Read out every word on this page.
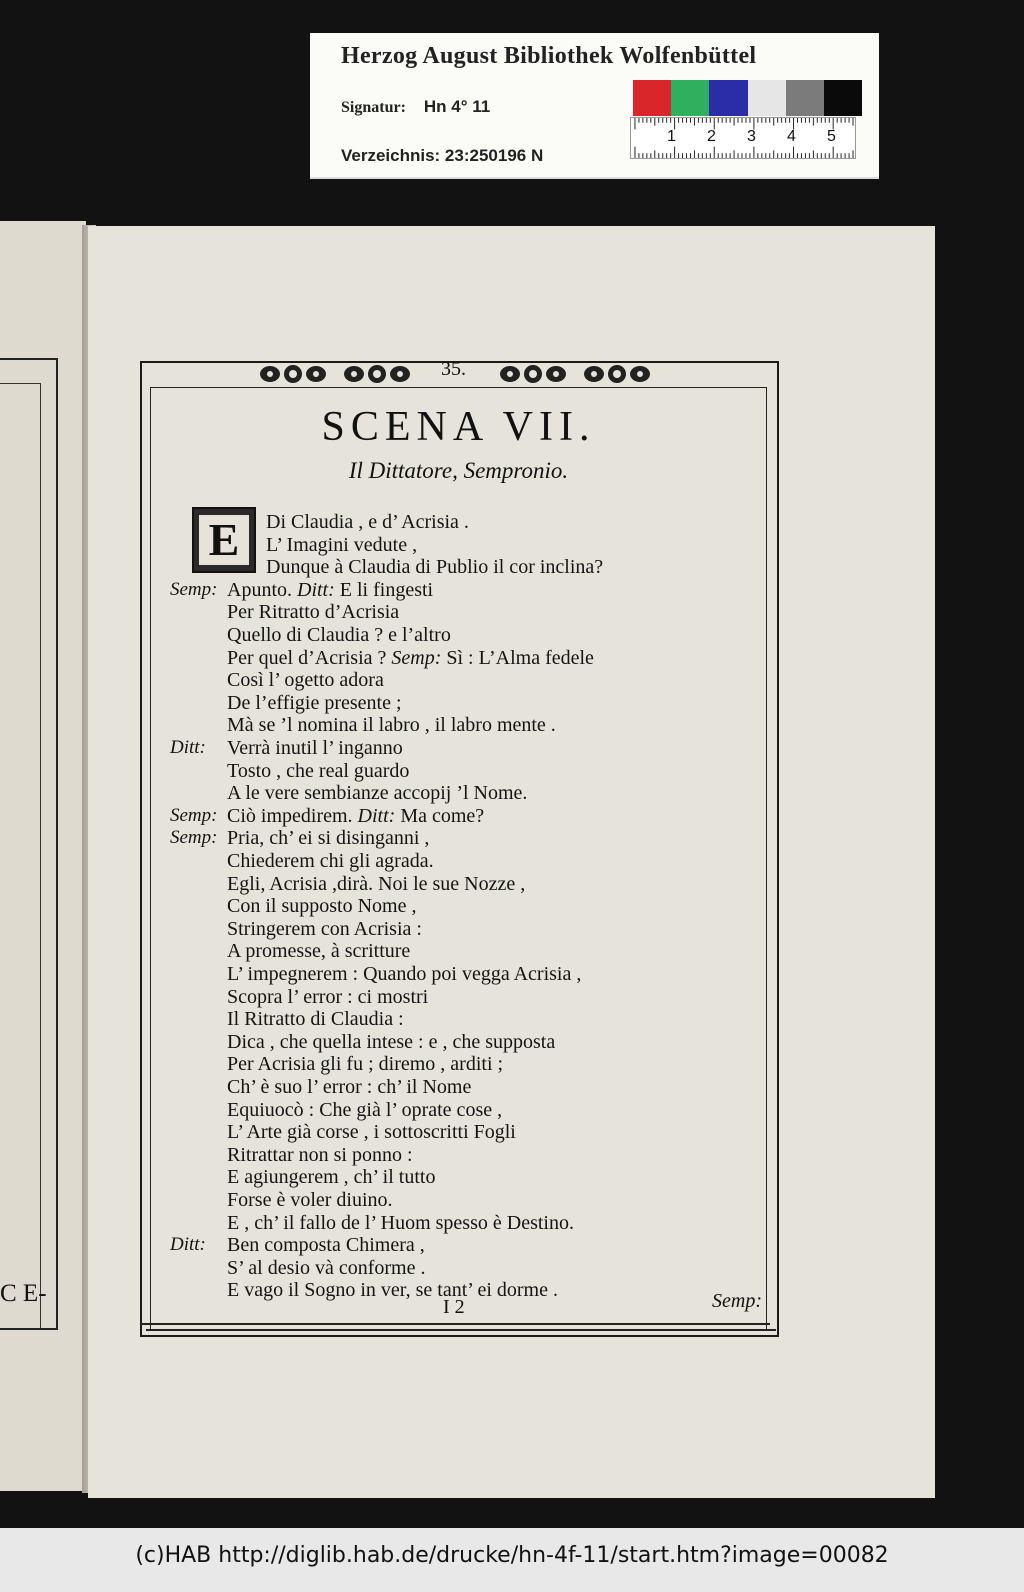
Herzog August Bibliothek Wolfenbüttel
Signatur: Hn 4° 11
Verzeichnis: 23:250196 N
1 2 3 4 5
C E-
35.
SCENA VII.
Il Dittatore, Sempronio.
E	Di Claudia , e d’ Acrisia .
L’ Imagini vedute ,
Dunque à Claudia di Publio il cor inclina?
Semp: Apunto. Ditt: E li fingesti
Per Ritratto d’Acrisia
Quello di Claudia ? e l’altro
Per quel d’Acrisia ? Semp: Sì : L’Alma fedele
Così l’ ogetto adora
De l’effigie presente ;
Mà se ’l nomina il labro , il labro mente .
Ditt: Verrà inutil l’ inganno
Tosto , che real guardo
A le vere sembianze accopij ’l Nome.
Semp: Ciò impedirem. Ditt: Ma come?
Semp: Pria, ch’ ei si disinganni ,
Chiederem chi gli agrada.
Egli, Acrisia ,dirà. Noi le sue Nozze ,
Con il supposto Nome ,
Stringerem con Acrisia :
A promesse, à scritture
L’ impegnerem : Quando poi vegga Acrisia ,
Scopra l’ error : ci mostri
Il Ritratto di Claudia :
Dica , che quella intese : e , che supposta
Per Acrisia gli fu ; diremo , arditi ;
Ch’ è suo l’ error : ch’ il Nome
Equiuocò : Che già l’ oprate cose ,
L’ Arte già corse , i sottoscritti Fogli
Ritrattar non si ponno :
E agiungerem , ch’ il tutto
Forse è voler diuino.
E , ch’ il fallo de l’ Huom spesso è Destino.
Ditt: Ben composta Chimera ,
S’ al desio và conforme .
E vago il Sogno in ver, se tant’ ei dorme .
I 2	Semp:
(c)HAB http://diglib.hab.de/drucke/hn-4f-11/start.htm?image=00082
